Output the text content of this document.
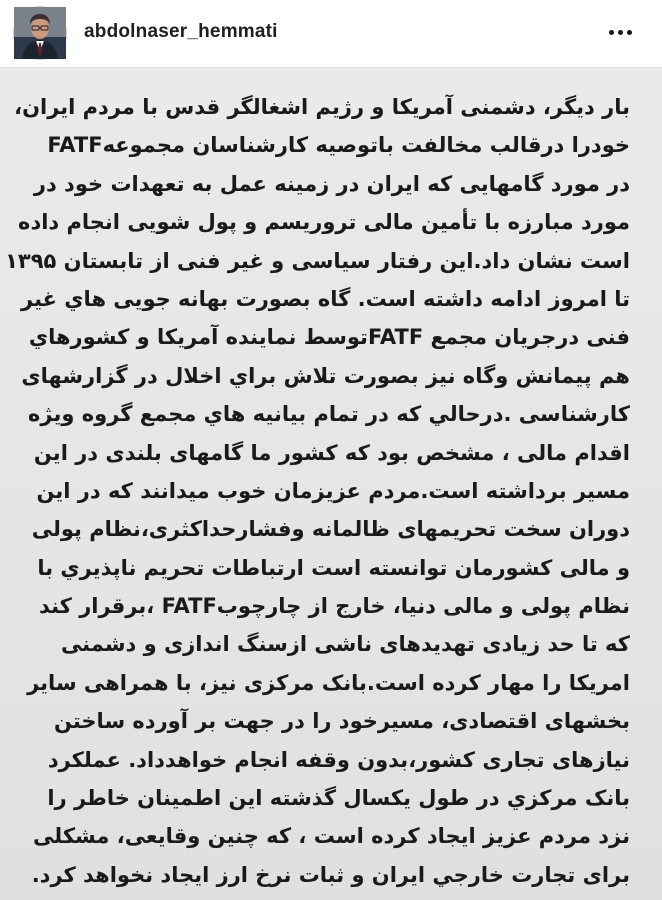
abdolnaser_hemmati
بار دیگر، دشمنی آمریکا و رژیم اشغالگر قدس با مردم ایران،
خودرا درقالب مخالفت باتوصیه کارشناسان مجموعهFATF
در مورد گامهایی که ایران در زمینه عمل به تعهدات خود در
مورد مبارزه با تأمین مالی تروریسم و پول شویی انجام داده
است نشان داد.این رفتار سیاسی و غیر فنی از تابستان ۱۳۹۵
تا امروز ادامه داشته است. گاه بصورت بهانه جویی هاي غیر
فنی درجریان مجمع FATFتوسط نماینده آمریکا و کشورهاي
هم پیمانش وگاه نیز بصورت تلاش براي اخلال در گزارشهای
کارشناسی .درحالي که در تمام بیانیه هاي مجمع گروه ویژه
اقدام مالی ، مشخص بود که کشور ما گامهای بلندی در این
مسیر برداشته است.مردم عزیزمان خوب میدانند که در این
دوران سخت تحریمهای ظالمانه وفشارحداکثری،نظام پولی
و مالی کشورمان توانسته است ارتباطات تحریم ناپذیري با
نظام پولی و مالی دنیا، خارج از چارچوبFATF ،برقرار کند
که تا حد زیادی تهدیدهای ناشی ازسنگ اندازی و دشمنی
امریکا را مهار کرده است.بانک مرکزی نیز، با همراهی سایر
بخشهای اقتصادی، مسیرخود را در جهت بر آورده ساختن
نیازهای تجاری کشور،بدون وقفه انجام خواهدداد. عملکرد
بانک مرکزي در طول یکسال گذشته این اطمینان خاطر را
نزد مردم عزیز ایجاد کرده است ، که چنین وقایعی، مشکلی
برای تجارت خارجي ایران و ثبات نرخ ارز ایجاد نخواهد کرد.
